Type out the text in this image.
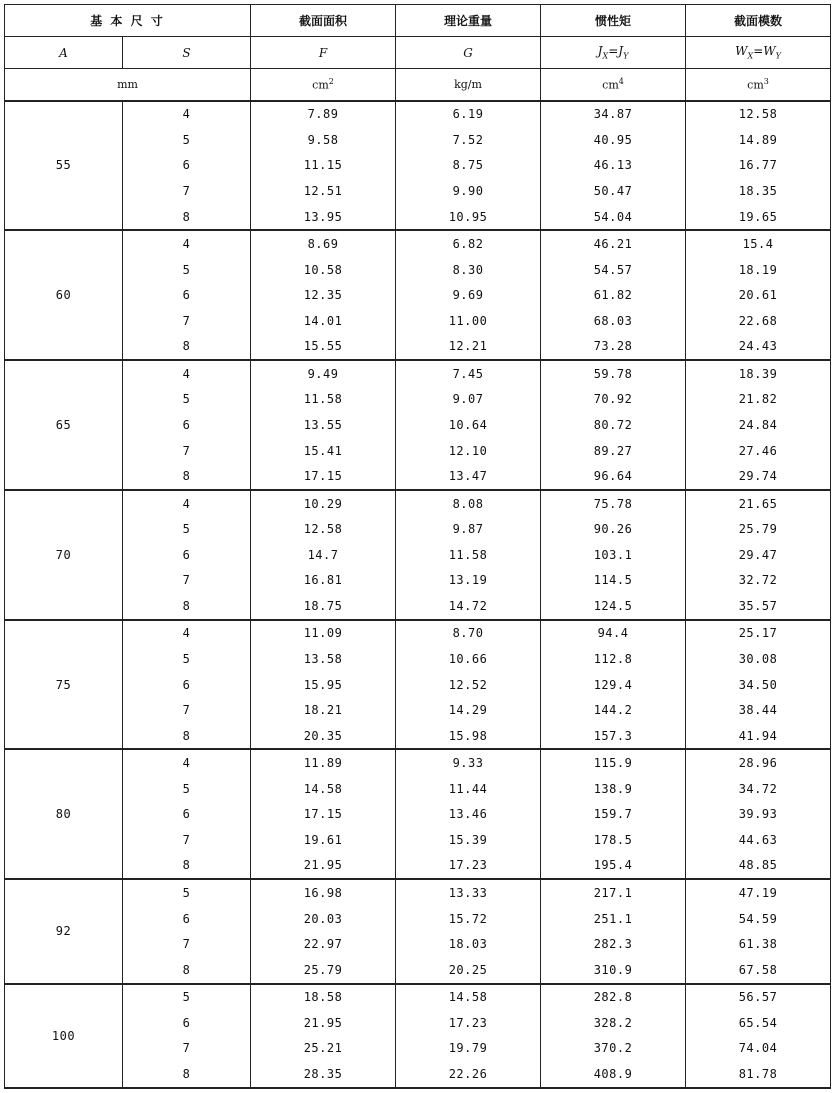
基 本 尺 寸		截面面积	理论重量	惯性矩	截面模数
A	S	F	G	$J_X=J_Y$	$W_X=W_Y$
mm		$cm^2$	kg/m	$cm^4$	$cm^3$
55	4	7.89	6.19	34.87	12.58
	5	9.58	7.52	40.95	14.89
	6	11.15	8.75	46.13	16.77
	7	12.51	9.90	50.47	18.35
	8	13.95	10.95	54.04	19.65
60	4	8.69	6.82	46.21	15.4
	5	10.58	8.30	54.57	18.19
	6	12.35	9.69	61.82	20.61
	7	14.01	11.00	68.03	22.68
	8	15.55	12.21	73.28	24.43
65	4	9.49	7.45	59.78	18.39
	5	11.58	9.07	70.92	21.82
	6	13.55	10.64	80.72	24.84
	7	15.41	12.10	89.27	27.46
	8	17.15	13.47	96.64	29.74
70	4	10.29	8.08	75.78	21.65
	5	12.58	9.87	90.26	25.79
	6	14.7	11.58	103.1	29.47
	7	16.81	13.19	114.5	32.72
	8	18.75	14.72	124.5	35.57
75	4	11.09	8.70	94.4	25.17
	5	13.58	10.66	112.8	30.08
	6	15.95	12.52	129.4	34.50
	7	18.21	14.29	144.2	38.44
	8	20.35	15.98	157.3	41.94
80	4	11.89	9.33	115.9	28.96
	5	14.58	11.44	138.9	34.72
	6	17.15	13.46	159.7	39.93
	7	19.61	15.39	178.5	44.63
	8	21.95	17.23	195.4	48.85
92	5	16.98	13.33	217.1	47.19
	6	20.03	15.72	251.1	54.59
	7	22.97	18.03	282.3	61.38
	8	25.79	20.25	310.9	67.58
100	5	18.58	14.58	282.8	56.57
	6	21.95	17.23	328.2	65.54
	7	25.21	19.79	370.2	74.04
	8	28.35	22.26	408.9	81.78
